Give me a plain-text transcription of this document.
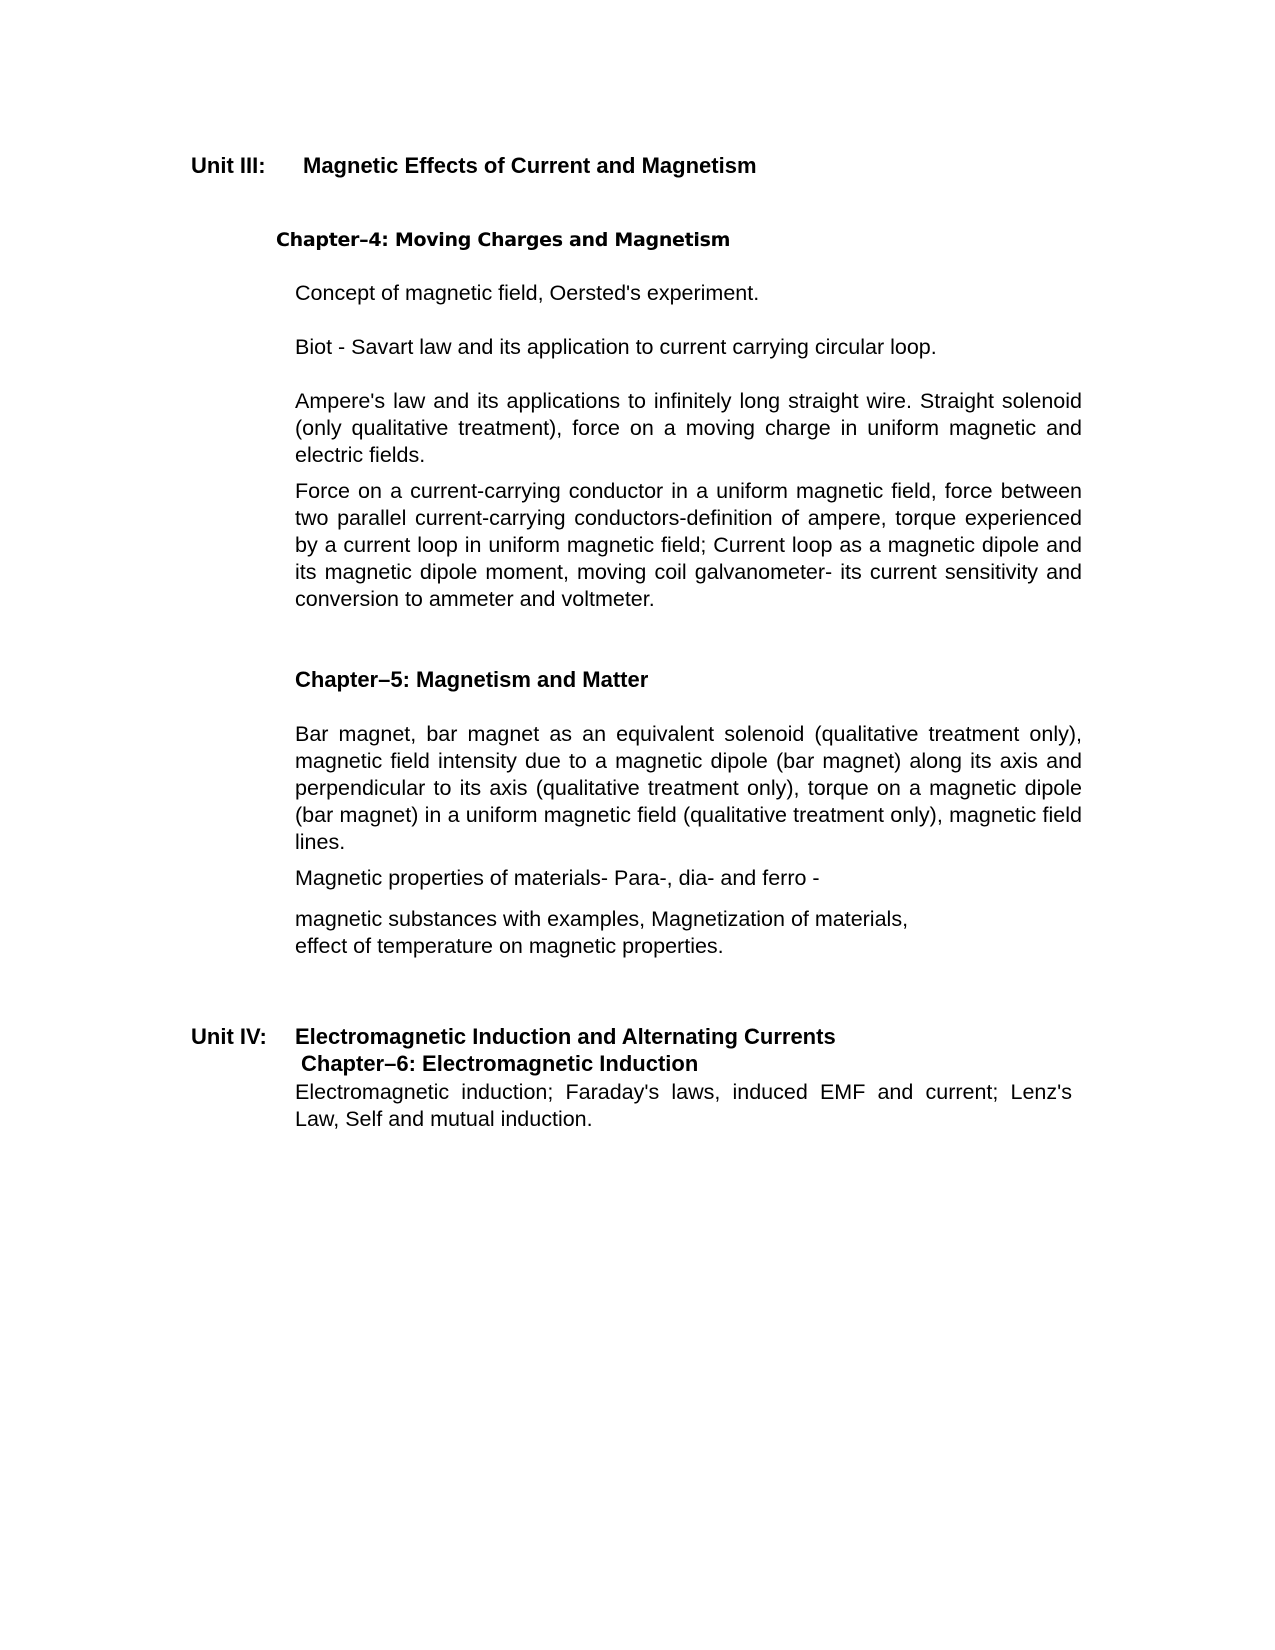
Unit III: Magnetic Effects of Current and Magnetism
Chapter–4: Moving Charges and Magnetism

Concept of magnetic field, Oersted's experiment.

Biot - Savart law and its application to current carrying circular loop.

Ampere's law and its applications to infinitely long straight wire. Straight solenoid (only qualitative treatment), force on a moving charge in uniform magnetic and electric fields.

Force on a current-carrying conductor in a uniform magnetic field, force between two parallel current-carrying conductors-definition of ampere, torque experienced by a current loop in uniform magnetic field; Current loop as a magnetic dipole and its magnetic dipole moment, moving coil galvanometer- its current sensitivity and conversion to ammeter and voltmeter.

Chapter–5: Magnetism and Matter

Bar magnet, bar magnet as an equivalent solenoid (qualitative treatment only), magnetic field intensity due to a magnetic dipole (bar magnet) along its axis and perpendicular to its axis (qualitative treatment only), torque on a magnetic dipole (bar magnet) in a uniform magnetic field (qualitative treatment only), magnetic field lines.

Magnetic properties of materials- Para-, dia- and ferro -

magnetic substances with examples, Magnetization of materials,

effect of temperature on magnetic properties.

Unit IV: Electromagnetic Induction and Alternating Currents
Chapter–6: Electromagnetic Induction

Electromagnetic induction; Faraday's laws, induced EMF and current; Lenz's Law, Self and mutual induction.
